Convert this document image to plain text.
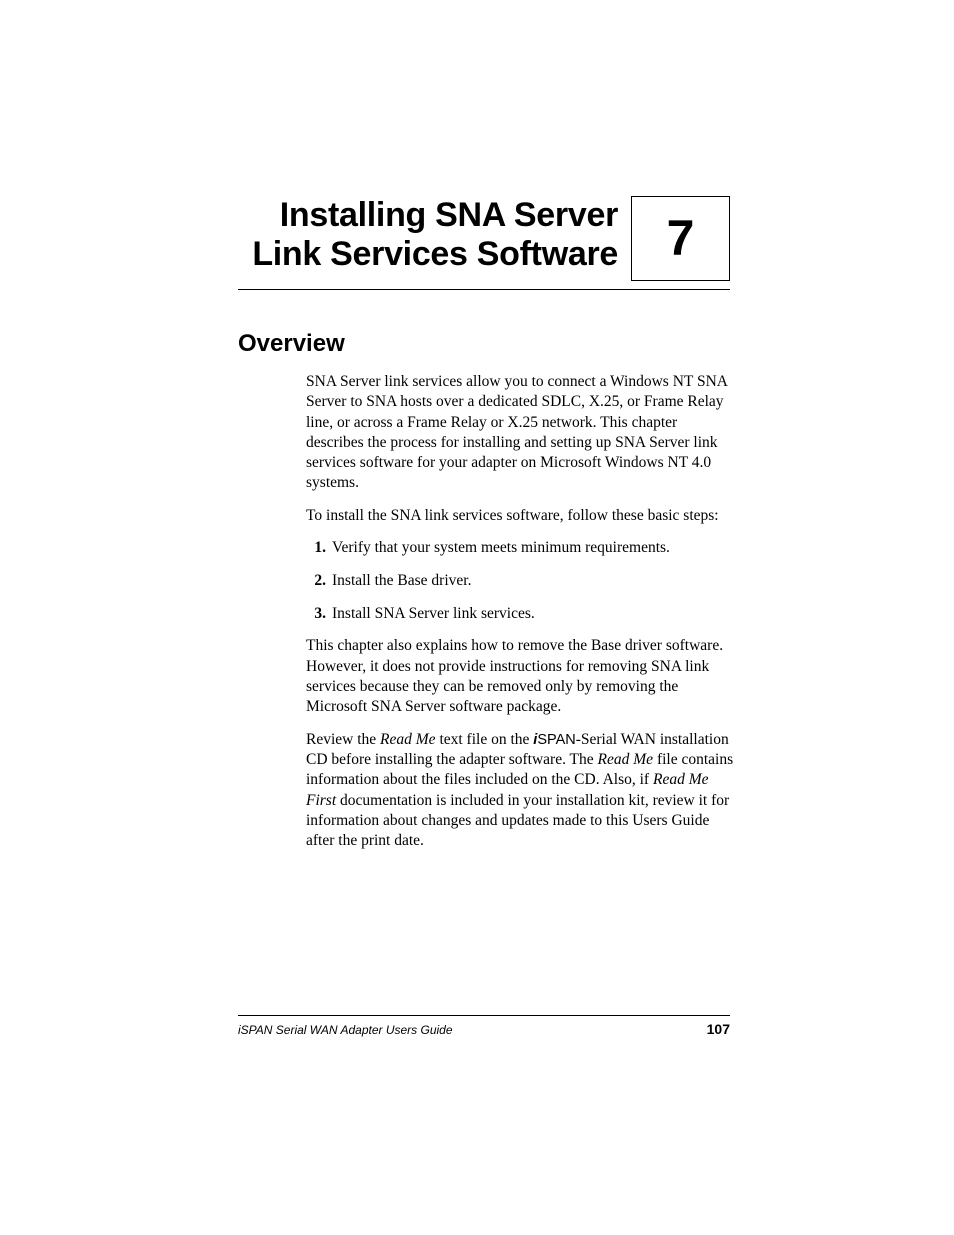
Installing SNA Server
Link Services Software 7
Overview

SNA Server link services allow you to connect a Windows NT SNA Server to SNA hosts over a dedicated SDLC, X.25, or Frame Relay line, or across a Frame Relay or X.25 network. This chapter describes the process for installing and setting up SNA Server link services software for your adapter on Microsoft Windows NT 4.0 systems.

To install the SNA link services software, follow these basic steps:

1. Verify that your system meets minimum requirements.
2. Install the Base driver.
3. Install SNA Server link services.

This chapter also explains how to remove the Base driver software. However, it does not provide instructions for removing SNA link services because they can be removed only by removing the Microsoft SNA Server software package.

Review the Read Me text file on the iSPAN-Serial WAN installation CD before installing the adapter software. The Read Me file contains information about the files included on the CD. Also, if Read Me First documentation is included in your installation kit, review it for information about changes and updates made to this Users Guide after the print date.

iSPAN Serial WAN Adapter Users Guide	107
